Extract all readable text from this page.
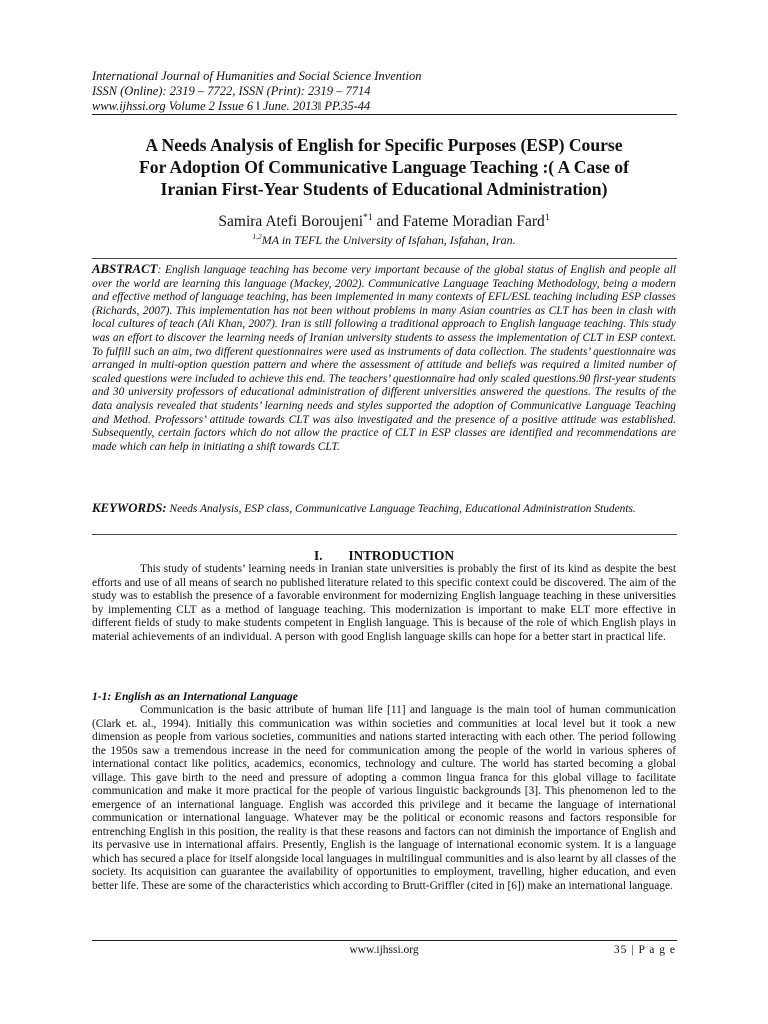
International Journal of Humanities and Social Science Invention
ISSN (Online): 2319 – 7722, ISSN (Print): 2319 – 7714
www.ijhssi.org Volume 2 Issue 6 ǁ June. 2013ǁ PP.35-44
A Needs Analysis of English for Specific Purposes (ESP) Course
For Adoption Of Communicative Language Teaching :( A Case of
Iranian First-Year Students of Educational Administration)
Samira Atefi Boroujeni$^{*1}$ and Fateme Moradian Fard$^1$
$^{1,2}$MA in TEFL the University of Isfahan, Isfahan, Iran.
ABSTRACT: English language teaching has become very important because of the global status of English and people all over the world are learning this language (Mackey, 2002). Communicative Language Teaching Methodology, being a modern and effective method of language teaching, has been implemented in many contexts of EFL/ESL teaching including ESP classes (Richards, 2007). This implementation has not been without problems in many Asian countries as CLT has been in clash with local cultures of teach (Ali Khan, 2007). Iran is still following a traditional approach to English language teaching. This study was an effort to discover the learning needs of Iranian university students to assess the implementation of CLT in ESP context. To fulfill such an aim, two different questionnaires were used as instruments of data collection. The students’ questionnaire was arranged in multi-option question pattern and where the assessment of attitude and beliefs was required a limited number of scaled questions were included to achieve this end. The teachers’ questionnaire had only scaled questions.90 first-year students and 30 university professors of educational administration of different universities answered the questions. The results of the data analysis revealed that students’ learning needs and styles supported the adoption of Communicative Language Teaching and Method. Professors’ attitude towards CLT was also investigated and the presence of a positive attitude was established. Subsequently, certain factors which do not allow the practice of CLT in ESP classes are identified and recommendations are made which can help in initiating a shift towards CLT.
KEYWORDS: Needs Analysis, ESP class, Communicative Language Teaching, Educational Administration Students.
I. INTRODUCTION
This study of students’ learning needs in Iranian state universities is probably the first of its kind as despite the best efforts and use of all means of search no published literature related to this specific context could be discovered. The aim of the study was to establish the presence of a favorable environment for modernizing English language teaching in these universities by implementing CLT as a method of language teaching. This modernization is important to make ELT more effective in different fields of study to make students competent in English language. This is because of the role of which English plays in material achievements of an individual. A person with good English language skills can hope for a better start in practical life.
1-1: English as an International Language
Communication is the basic attribute of human life [11] and language is the main tool of human communication (Clark et. al., 1994). Initially this communication was within societies and communities at local level but it took a new dimension as people from various societies, communities and nations started interacting with each other. The period following the 1950s saw a tremendous increase in the need for communication among the people of the world in various spheres of international contact like politics, academics, economics, technology and culture. The world has started becoming a global village. This gave birth to the need and pressure of adopting a common lingua franca for this global village to facilitate communication and make it more practical for the people of various linguistic backgrounds [3]. This phenomenon led to the emergence of an international language. English was accorded this privilege and it became the language of international communication or international language. Whatever may be the political or economic reasons and factors responsible for entrenching English in this position, the reality is that these reasons and factors can not diminish the importance of English and its pervasive use in international affairs. Presently, English is the language of international economic system. It is a language which has secured a place for itself alongside local languages in multilingual communities and is also learnt by all classes of the society. Its acquisition can guarantee the availability of opportunities to employment, travelling, higher education, and even better life. These are some of the characteristics which according to Brutt-Griffler (cited in [6]) make an international language.
www.ijhssi.org	35 | P a g e
